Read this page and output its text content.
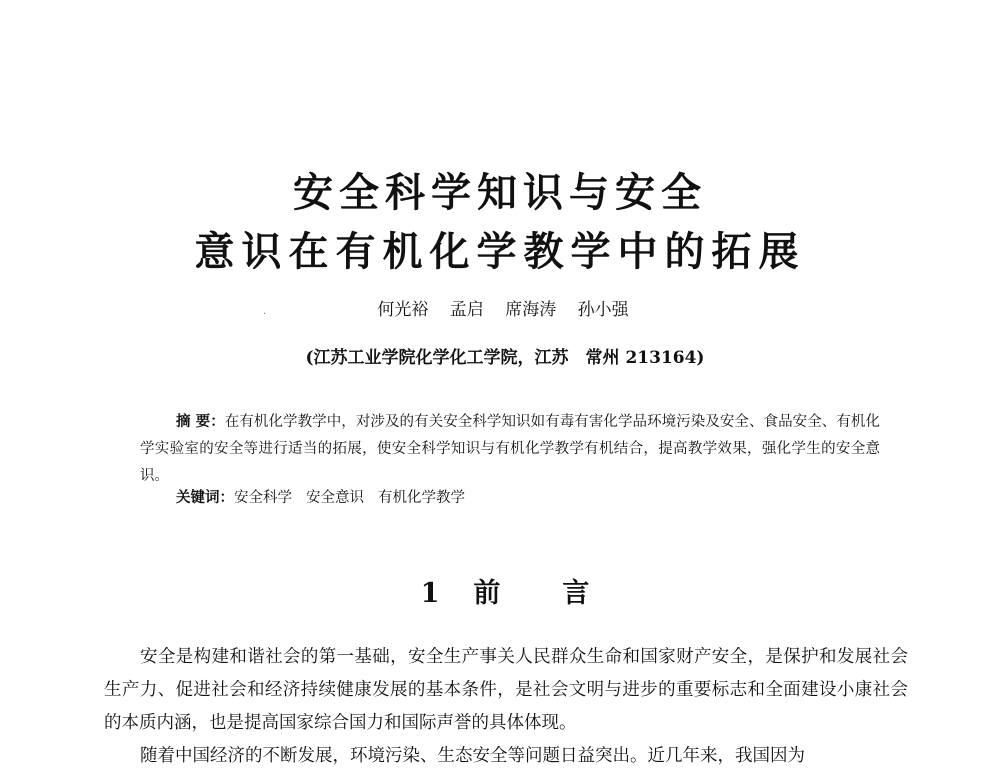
安全科学知识与安全
意识在有机化学教学中的拓展
·	何光裕 孟启 席海涛 孙小强
(江苏工业学院化学化工学院，江苏　常州 213164)
摘 要：在有机化学教学中，对涉及的有关安全科学知识如有毒有害化学品环境污染及安全、食品安全、有机化学实验室的安全等进行适当的拓展，使安全科学知识与有机化学教学有机结合，提高教学效果，强化学生的安全意识。
关键词：安全科学 安全意识 有机化学教学
1 前 言

安全是构建和谐社会的第一基础，安全生产事关人民群众生命和国家财产安全，是保护和发展社会生产力、促进社会和经济持续健康发展的基本条件，是社会文明与进步的重要标志和全面建设小康社会的本质内涵，也是提高国家综合国力和国际声誉的具体体现。

随着中国经济的不断发展，环境污染、生态安全等问题日益突出。近几年来，我国因为
